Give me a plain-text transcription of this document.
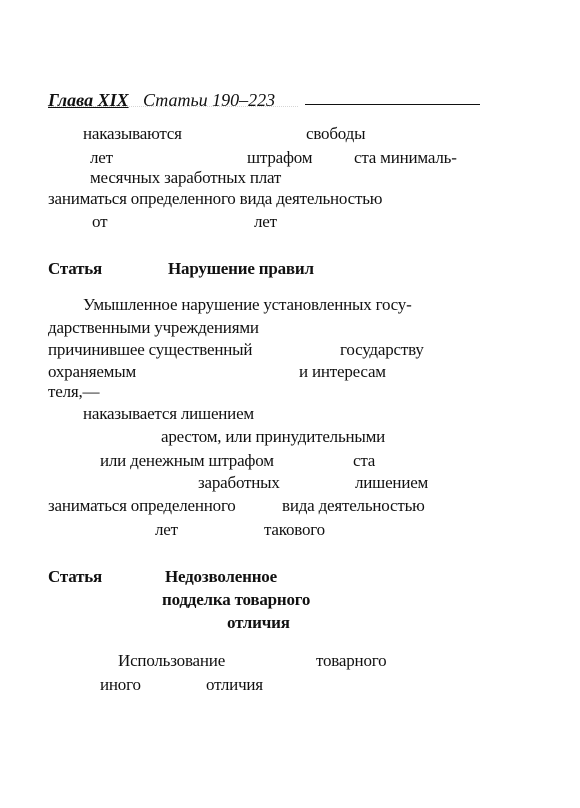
Глава XIX Статьи 190–223
наказываются	свободы
лет	штрафом ста минималь-
месячных заработных плат
заниматься определенного вида деятельностью
от	лет
Статья	Нарушение правил
Умышленное нарушение установленных госу-
дарственными учреждениями
причинившее существенный	государству
охраняемым	и интересам
теля,—
наказывается лишением
арестом, или принудительными
или денежным штрафом	ста
заработных	лишением
заниматься определенного	вида деятельностью
лет	такового
Статья	Недозволенное
подделка товарного
отличия
Использование	товарного
иного	отличия
